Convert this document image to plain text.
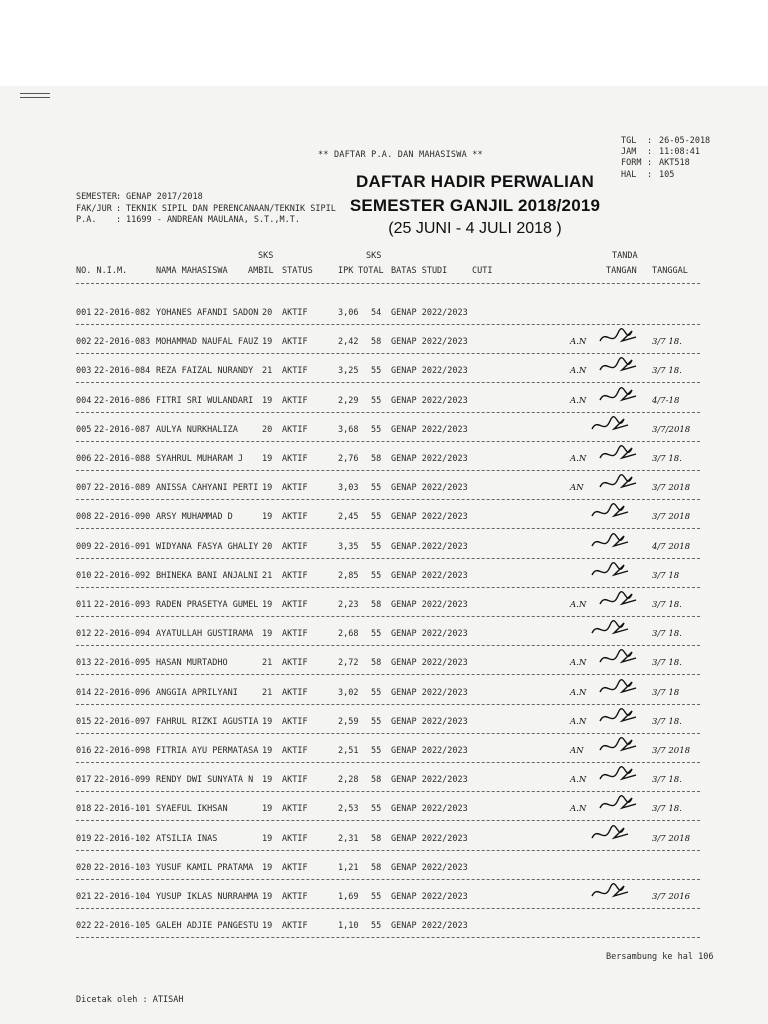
TGL	: 26-05-2018
JAM	: 11:08:41
FORM : AKT518
HAL	: 105
** DAFTAR P.A. DAN MAHASISWA **
SEMESTER : GENAP 2017/2018
FAK/JUR : TEKNIK SIPIL DAN PERENCANAAN/TEKNIK SIPIL
P.A.	: 11699 - ANDREAN MAULANA, S.T.,M.T.
DAFTAR HADIR PERWALIAN
SEMESTER GANJIL 2018/2019
(25 JUNI - 4 JULI 2018 )
SKS	SKS	TANDA
NO. N.I.M.	NAMA MAHASISWA AMBIL STATUS	IPK TOTAL BATAS STUDI	CUTI	TANGAN TANGGAL
001 22-2016-082 YOHANES AFANDI SADON 20 AKTIF	3,06 54 GENAP 2022/2023
002 22-2016-083 MOHAMMAD NAUFAL FAUZ 19 AKTIF	2,42 58 GENAP 2022/2023	A.N	3/7 18.
003 22-2016-084 REZA FAIZAL NURANDY 21 AKTIF	3,25 55 GENAP 2022/2023	A.N	3/7 18.
004 22-2016-086 FITRI SRI WULANDARI 19 AKTIF	2,29 55 GENAP 2022/2023	A.N	4/7-18
005 22-2016-087 AULYA NURKHALIZA	20 AKTIF	3,68 55 GENAP 2022/2023	3/7/2018
006 22-2016-088 SYAHRUL MUHARAM J 19 AKTIF	2,76 58 GENAP 2022/2023	A.N	3/7 18.
007 22-2016-089 ANISSA CAHYANI PERTI 19 AKTIF	3,03 55 GENAP 2022/2023	AN	3/7 2018
008 22-2016-090 ARSY MUHAMMAD D	19 AKTIF	2,45 55 GENAP 2022/2023	3/7 2018
009 22-2016-091 WIDYANA FASYA GHALIY 20 AKTIF	3,35 55 GENAP.2022/2023	4/7 2018
010 22-2016-092 BHINEKA BANI ANJALNI 21 AKTIF	2,85 55 GENAP 2022/2023	3/7 18
011 22-2016-093 RADEN PRASETYA GUMEL 19 AKTIF	2,23 58 GENAP 2022/2023	A.N	3/7 18.
012 22-2016-094 AYATULLAH GUSTIRAMA 19 AKTIF	2,68 55 GENAP 2022/2023	3/7 18.
013 22-2016-095 HASAN MURTADHO	21 AKTIF	2,72 58 GENAP 2022/2023	A.N	3/7 18.
014 22-2016-096 ANGGIA APRILYANI	21 AKTIF	3,02 55 GENAP 2022/2023	A.N	3/7 18
015 22-2016-097 FAHRUL RIZKI AGUSTIA 19 AKTIF	2,59 55 GENAP 2022/2023	A.N	3/7 18.
016 22-2016-098 FITRIA AYU PERMATASA 19 AKTIF	2,51 55 GENAP 2022/2023	AN	3/7 2018
017 22-2016-099 RENDY DWI SUNYATA N 19 AKTIF	2,28 58 GENAP 2022/2023	A.N	3/7 18.
018 22-2016-101 SYAEFUL IKHSAN	19 AKTIF	2,53 55 GENAP 2022/2023	A.N	3/7 18.
019 22-2016-102 ATSILIA INAS	19 AKTIF	2,31 58 GENAP 2022/2023	3/7 2018
020 22-2016-103 YUSUF KAMIL PRATAMA 19 AKTIF	1,21 58 GENAP 2022/2023
021 22-2016-104 YUSUP IKLAS NURRAHMA 19 AKTIF	1,69 55 GENAP 2022/2023	3/7 2016
022 22-2016-105 GALEH ADJIE PANGESTU 19 AKTIF	1,10 55 GENAP 2022/2023
Bersambung ke hal 106
Dicetak oleh : ATISAH
